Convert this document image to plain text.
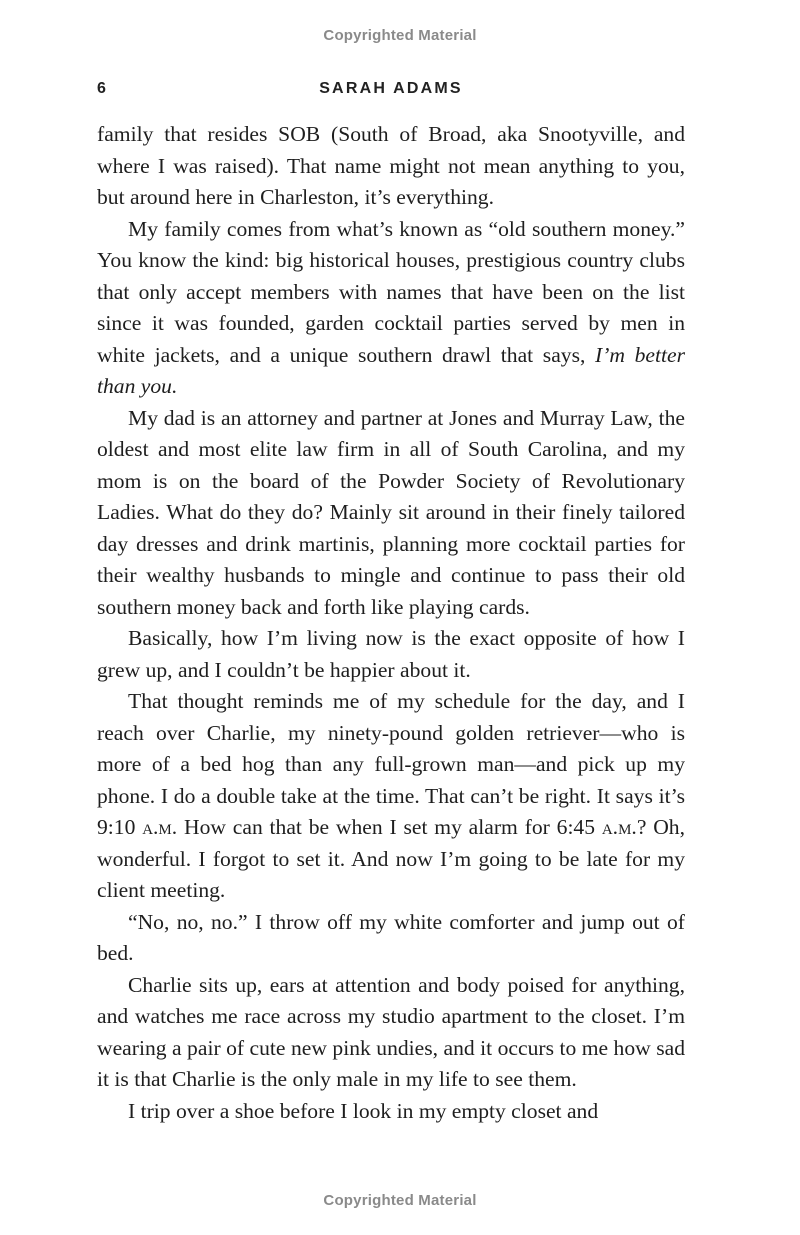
Copyrighted Material
6	SARAH ADAMS

family that resides SOB (South of Broad, aka Snootyville, and where I was raised). That name might not mean anything to you, but around here in Charleston, it’s everything.

My family comes from what’s known as “old southern money.” You know the kind: big historical houses, prestigious country clubs that only accept members with names that have been on the list since it was founded, garden cocktail parties served by men in white jackets, and a unique southern drawl that says, I’m better than you.

My dad is an attorney and partner at Jones and Murray Law, the oldest and most elite law firm in all of South Carolina, and my mom is on the board of the Powder Society of Revolutionary Ladies. What do they do? Mainly sit around in their finely tailored day dresses and drink martinis, planning more cocktail parties for their wealthy husbands to mingle and continue to pass their old southern money back and forth like playing cards.

Basically, how I’m living now is the exact opposite of how I grew up, and I couldn’t be happier about it.

That thought reminds me of my schedule for the day, and I reach over Charlie, my ninety-pound golden retriever—who is more of a bed hog than any full-grown man—and pick up my phone. I do a double take at the time. That can’t be right. It says it’s 9:10 a.m. How can that be when I set my alarm for 6:45 a.m.? Oh, wonderful. I forgot to set it. And now I’m going to be late for my client meeting.

“No, no, no.” I throw off my white comforter and jump out of bed.

Charlie sits up, ears at attention and body poised for anything, and watches me race across my studio apartment to the closet. I’m wearing a pair of cute new pink undies, and it occurs to me how sad it is that Charlie is the only male in my life to see them.

I trip over a shoe before I look in my empty closet and

Copyrighted Material
